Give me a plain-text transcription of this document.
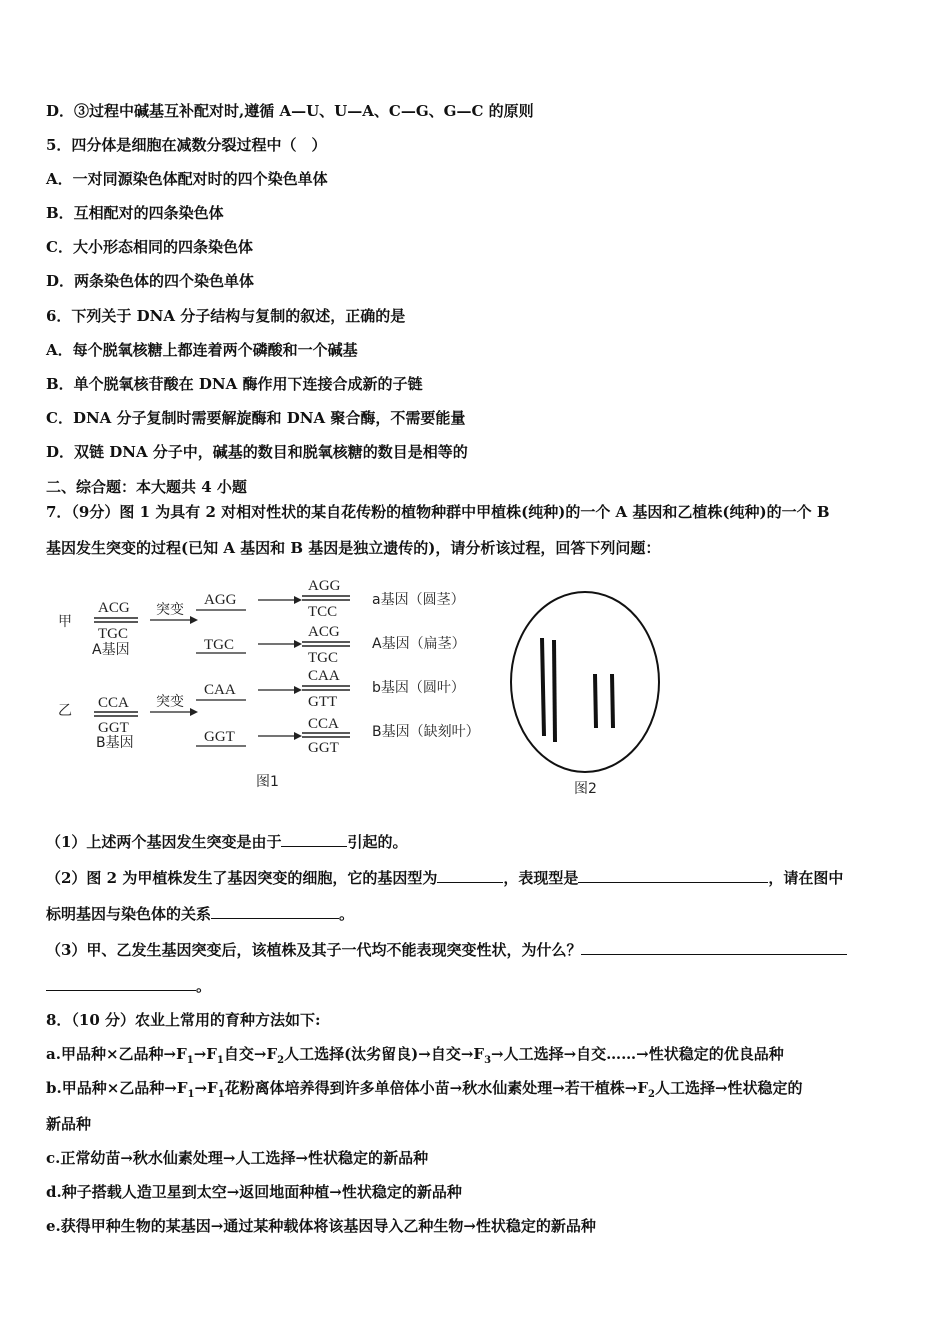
D．③过程中碱基互补配对时,遵循 A—U、U—A、C—G、G—C 的原则
5．四分体是细胞在减数分裂过程中（　）
A．一对同源染色体配对时的四个染色单体
B．互相配对的四条染色体
C．大小形态相同的四条染色体
D．两条染色体的四个染色单体
6．下列关于 DNA 分子结构与复制的叙述，正确的是
A．每个脱氧核糖上都连着两个磷酸和一个碱基
B．单个脱氧核苷酸在 DNA 酶作用下连接合成新的子链
C．DNA 分子复制时需要解旋酶和 DNA 聚合酶，不需要能量
D．双链 DNA 分子中，碱基的数目和脱氧核糖的数目是相等的
二、综合题：本大题共 4 小题
7．（9分）图 1 为具有 2 对相对性状的某自花传粉的植物种群中甲植株(纯种)的一个 A 基因和乙植株(纯种)的一个 B
基因发生突变的过程(已知 A 基因和 B 基因是独立遗传的)，请分析该过程，回答下列问题：
甲
乙
ACG
TGC
A基因
突变
AGG
AGG
TCC
a基因（圆茎）
TGC
ACG
TGC
A基因（扁茎）
CCA
GGT
B基因
突变
CAA
CAA
GTT
b基因（圆叶）
GGT
CCA
GGT
B基因（缺刻叶）
图1	图2
（1）上述两个基因发生突变是由于	引起的。
（2）图 2 为甲植株发生了基因突变的细胞，它的基因型为	，表现型是	，请在图中
标明基因与染色体的关系	。
（3）甲、乙发生基因突变后，该植株及其子一代均不能表现突变性状，为什么？
。
8．（10 分）农业上常用的育种方法如下:
a.甲品种×乙品种$\to F_1\to F_1$自交$\to F_2$人工选择(汰劣留良)→自交$\to F_3\to$人工选择→自交……→性状稳定的优良品种
b.甲品种×乙品种$\to F_1\to F_1$花粉离体培养得到许多单倍体小苗→秋水仙素处理→若干植株$\to F_2$人工选择→性状稳定的
新品种
c.正常幼苗→秋水仙素处理→人工选择→性状稳定的新品种
d.种子搭载人造卫星到太空→返回地面种植→性状稳定的新品种
e.获得甲种生物的某基因→通过某种载体将该基因导入乙种生物→性状稳定的新品种
